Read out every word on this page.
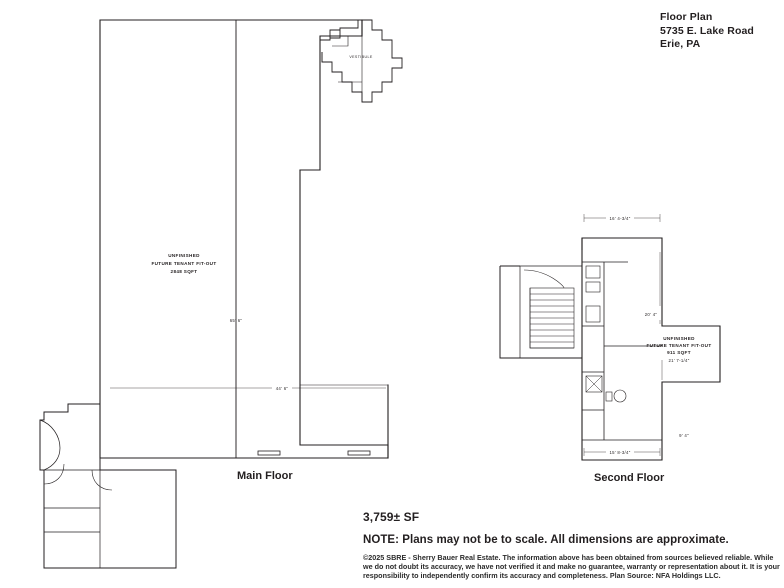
Floor Plan
5735 E. Lake Road
Erie, PA
VESTIBULE
UNFINISHED
FUTURE TENANT FIT-OUT
2848 SQFT
65' 6"
44' 6"
UNFINISHED
FUTURE TENANT FIT-OUT
911 SQFT
16' 4-3/4"
20' 4"
21' 7-1/4"
9' 4"
15' 8-3/4"
Main Floor	Second Floor
3,759± SF
NOTE: Plans may not be to scale. All dimensions are approximate.
©2025 SBRE - Sherry Bauer Real Estate. The information above has been obtained from sources believed reliable. While we do not doubt its accuracy, we have not verified it and make no guarantee, warranty or representation about it. It is your responsibility to independently confirm its accuracy and completeness. Plan Source: NFA Holdings LLC.
